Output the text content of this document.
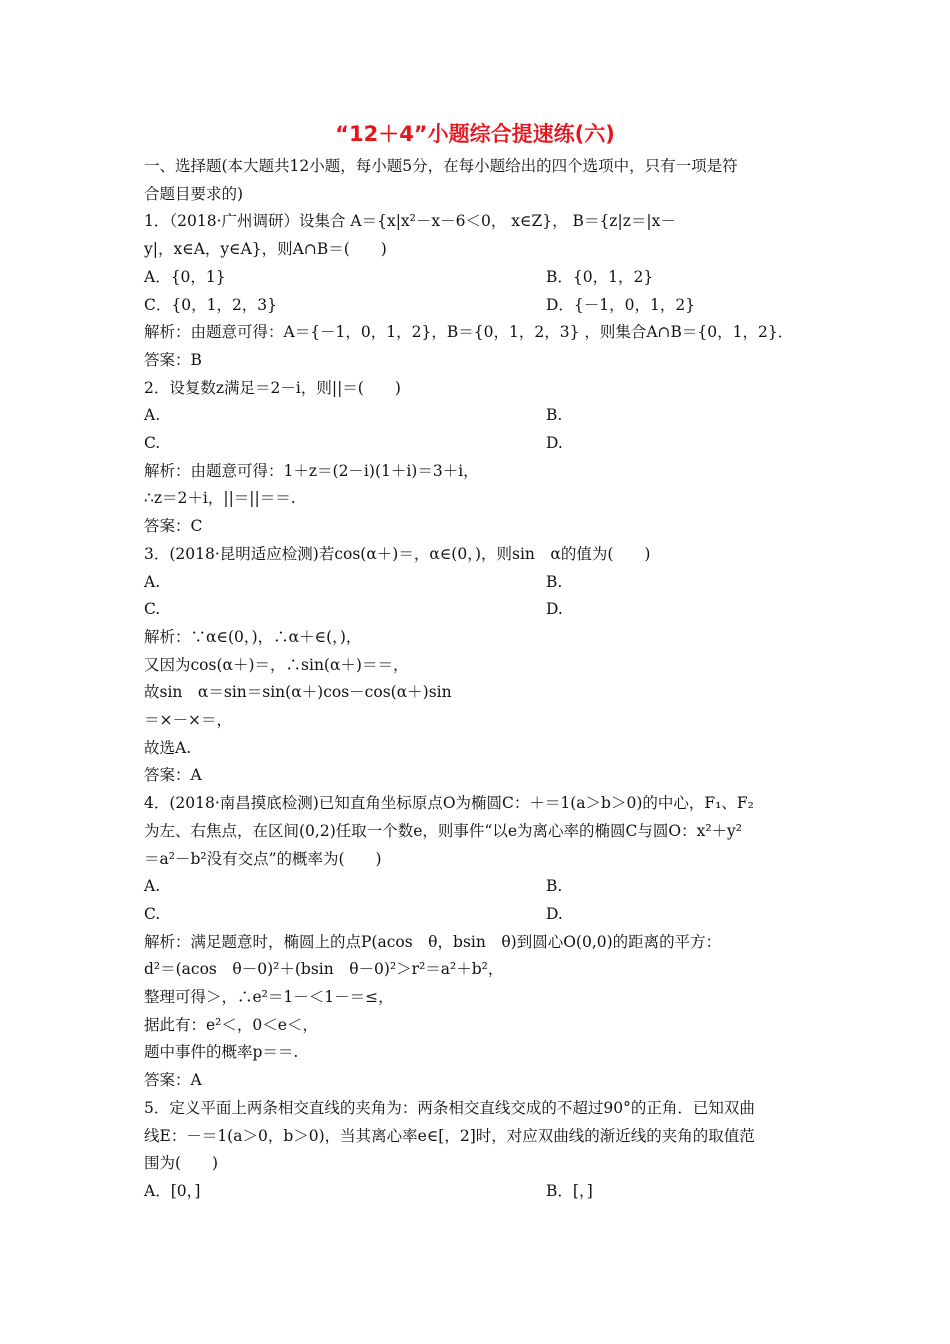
“12＋4”小题综合提速练(六)
一、选择题(本大题共12小题，每小题5分，在每小题给出的四个选项中，只有一项是符
合题目要求的)
1．（2018·广州调研）设集合 A＝{x|x²－x－6＜0， x∈Z}， B＝{z|z＝|x－
y|，x∈A，y∈A}，则A∩B＝(　　)
A．{0，1}	B．{0，1，2}
C．{0，1，2，3}	D．{－1，0，1，2}
解析：由题意可得：A＝{－1，0，1，2}，B＝{0，1，2，3} ，则集合A∩B＝{0，1，2}．
答案：B
2．设复数z满足＝2－i，则||＝(　　)
A.	B.
C.	D.
解析：由题意可得：1＋z＝(2－i)(1＋i)＝3＋i，
∴z＝2＋i，||＝||＝＝.
答案：C
3．(2018·昆明适应检测)若cos(α＋)＝，α∈(0，)，则sin　α的值为(　　)
A.	B.
C.	D.
解析：∵α∈(0，)，∴α＋∈(，)，
又因为cos(α＋)＝，∴sin(α＋)＝＝，
故sin　α＝sin＝sin(α＋)cos－cos(α＋)sin
＝×－×＝，
故选A.
答案：A
4．(2018·南昌摸底检测)已知直角坐标原点O为椭圆C：＋＝1(a＞b＞0)的中心，F₁、F₂
为左、右焦点，在区间(0,2)任取一个数e，则事件“以e为离心率的椭圆C与圆O：x²＋y²
＝a²－b²没有交点”的概率为(　　)
A.	B.
C.	D.
解析：满足题意时，椭圆上的点P(acos　θ，bsin　θ)到圆心O(0,0)的距离的平方：
d²＝(acos　θ－0)²＋(bsin　θ－0)²＞r²＝a²＋b²，
整理可得＞，∴e²＝1－＜1－＝≤，
据此有：e²＜，0＜e＜，
题中事件的概率p＝＝.
答案：A
5．定义平面上两条相交直线的夹角为：两条相交直线交成的不超过90°的正角．已知双曲
线E：－＝1(a＞0，b＞0)，当其离心率e∈[，2]时，对应双曲线的渐近线的夹角的取值范
围为(　　)
A．[0，]	B．[，]
